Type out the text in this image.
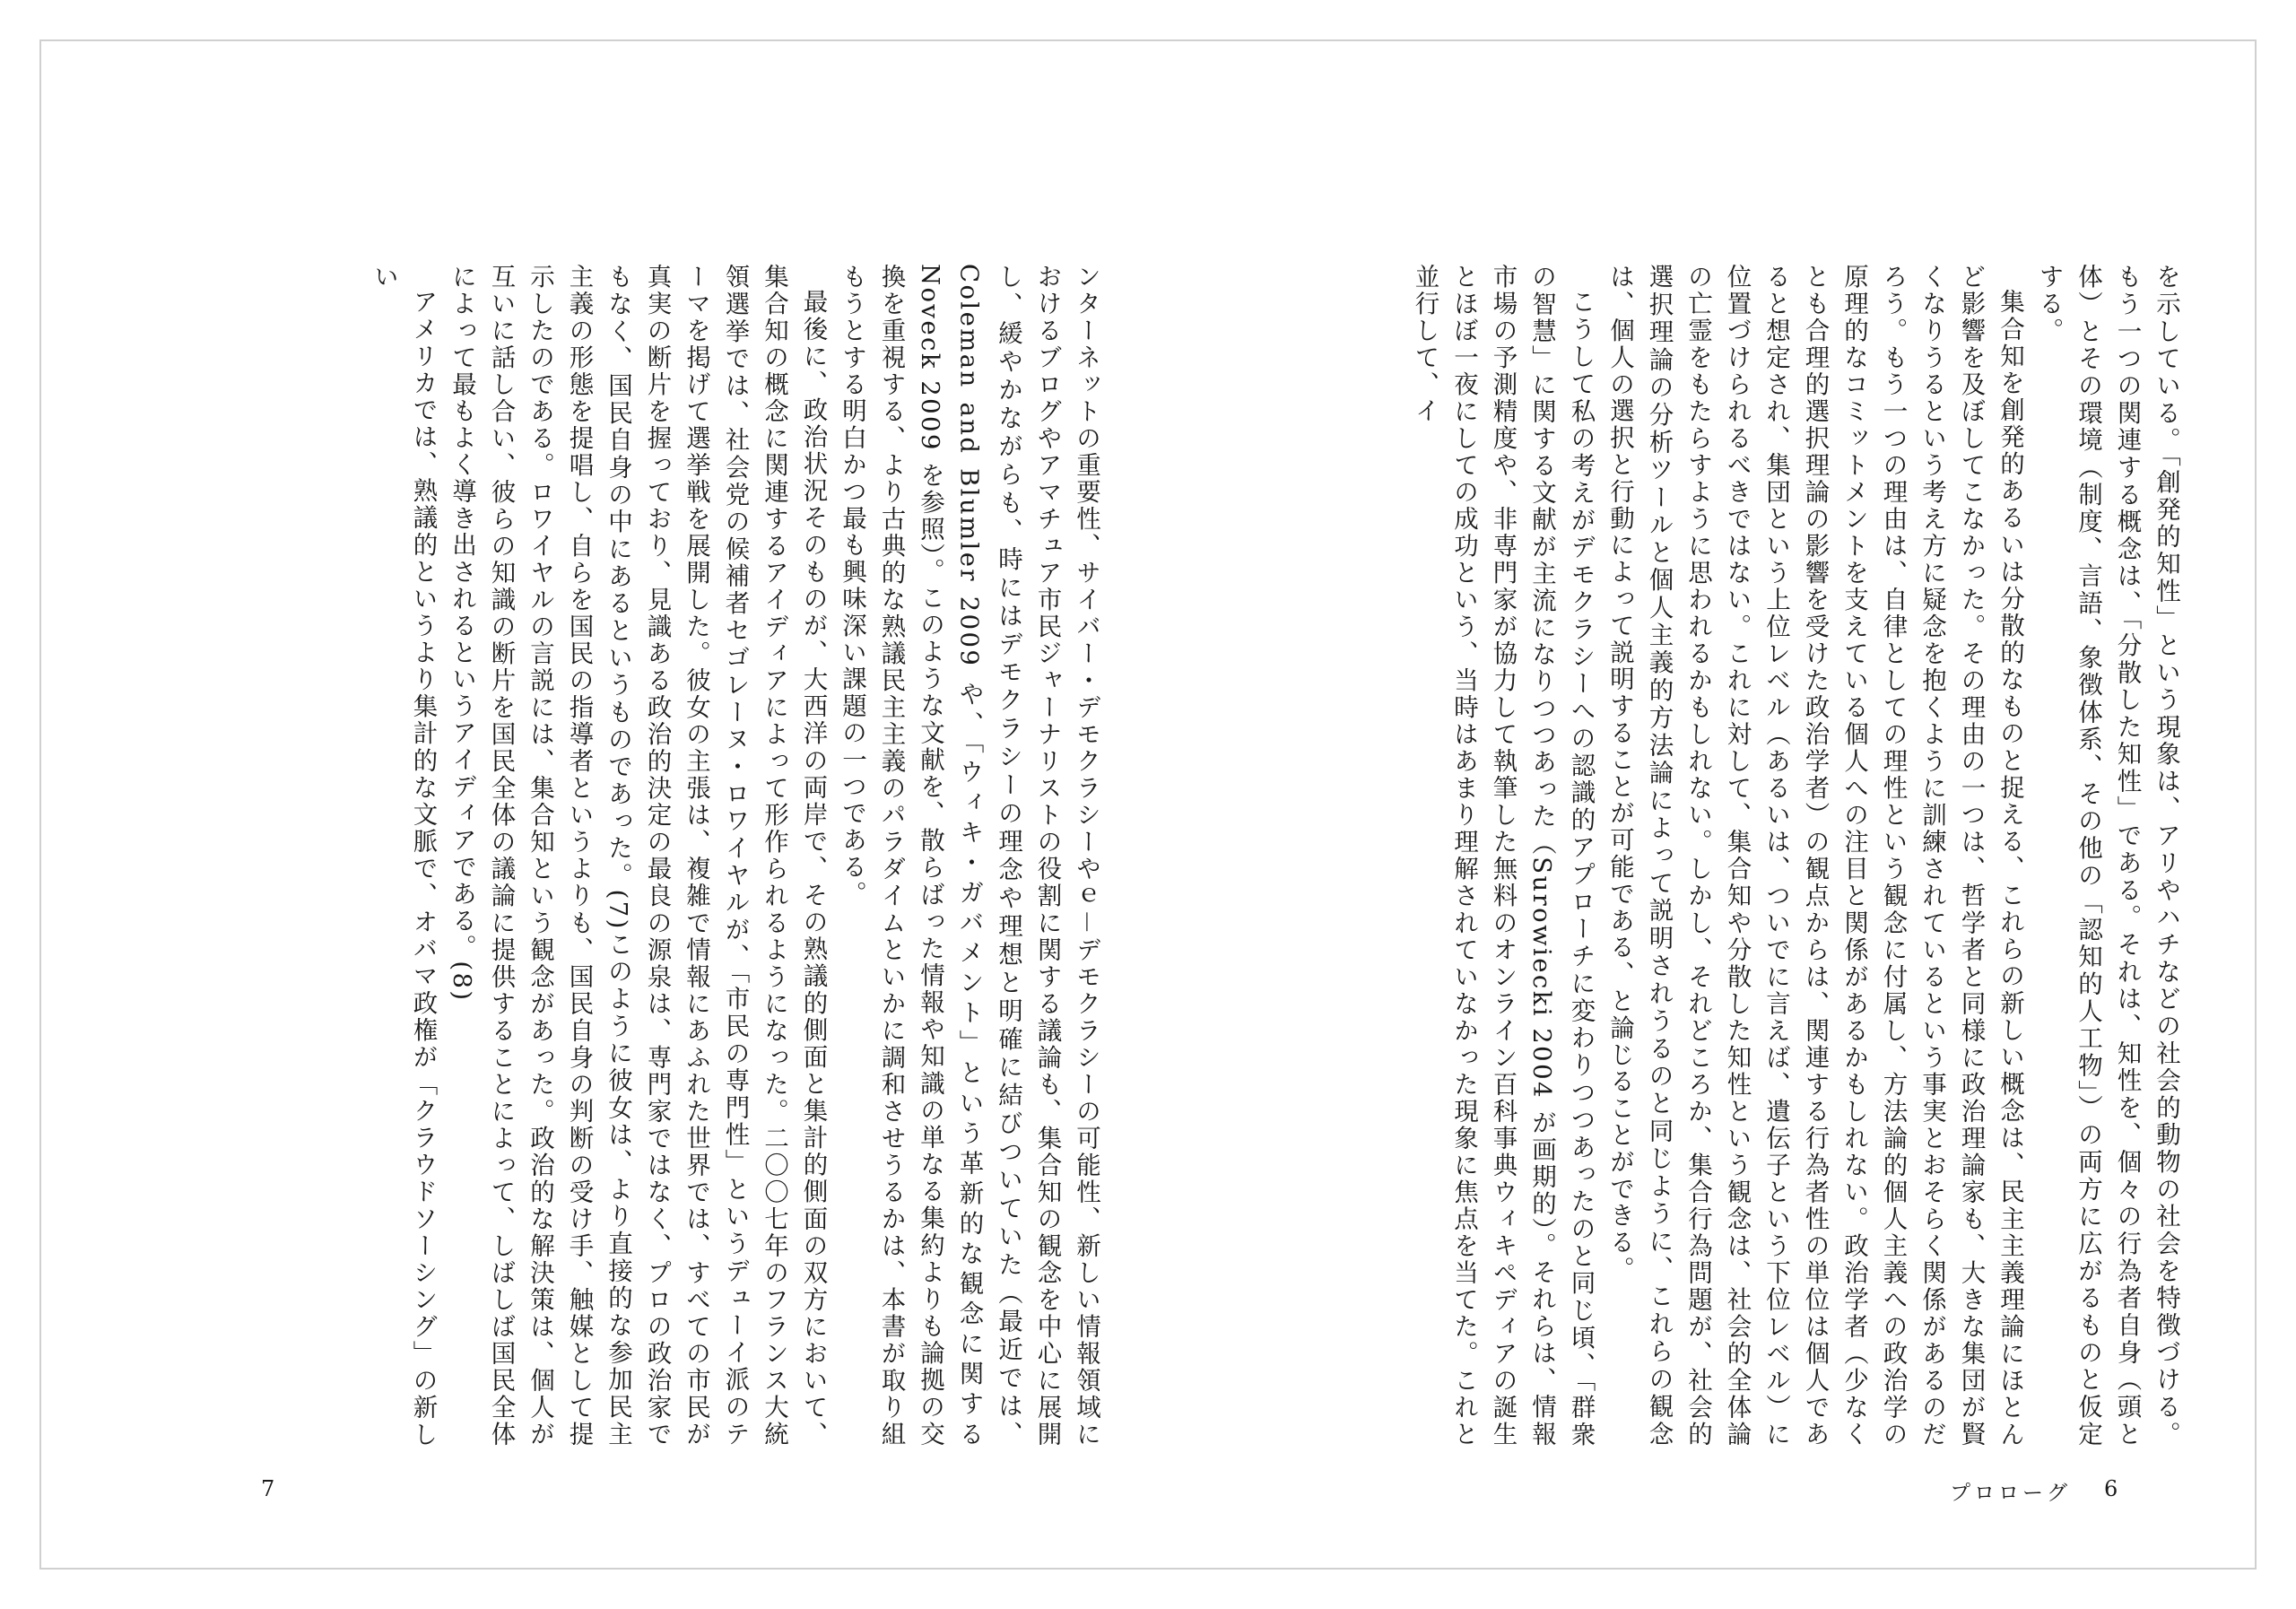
を示している。「創発的知性」という現象は、アリやハチなどの社会的動物の社会を特徴づける。もう一つの関連する概念は、「分散した知性」である。それは、知性を、個々の行為者自身（頭と体）とその環境（制度、言語、象徴体系、その他の「認知的人工物」）の両方に広がるものと仮定する。

集合知を創発的あるいは分散的なものと捉える、これらの新しい概念は、民主主義理論にほとんど影響を及ぼしてこなかった。その理由の一つは、哲学者と同様に政治理論家も、大きな集団が賢くなりうるという考え方に疑念を抱くように訓練されているという事実とおそらく関係があるのだろう。もう一つの理由は、自律としての理性という観念に付属し、方法論的個人主義への政治学の原理的なコミットメントを支えている個人への注目と関係があるかもしれない。政治学者（少なくとも合理的選択理論の影響を受けた政治学者）の観点からは、関連する行為者性の単位は個人であると想定され、集団という上位レベル（あるいは、ついでに言えば、遺伝子という下位レベル）に位置づけられるべきではない。これに対して、集合知や分散した知性という観念は、社会的全体論の亡霊をもたらすように思われるかもしれない。しかし、それどころか、集合行為問題が、社会的選択理論の分析ツールと個人主義的方法論によって説明されうるのと同じように、これらの観念は、個人の選択と行動によって説明することが可能である、と論じることができる。

こうして私の考えがデモクラシーへの認識的アプローチに変わりつつあったのと同じ頃、「群衆の智慧」に関する文献が主流になりつつあった（Surowiecki 2004 が画期的）。それらは、情報市場の予測精度や、非専門家が協力して執筆した無料のオンライン百科事典ウィキペディアの誕生とほぼ一夜にしての成功という、当時はあまり理解されていなかった現象に焦点を当てた。これと並行して、イ

ンターネットの重要性、サイバー・デモクラシーやｅ－デモクラシーの可能性、新しい情報領域におけるブログやアマチュア市民ジャーナリストの役割に関する議論も、集合知の観念を中心に展開し、緩やかながらも、時にはデモクラシーの理念や理想と明確に結びついていた（最近では、Coleman and Blumler 2009 や、「ウィキ・ガバメント」という革新的な観念に関する Noveck 2009 を参照）。このような文献を、散らばった情報や知識の単なる集約よりも論拠の交換を重視する、より古典的な熟議民主主義のパラダイムといかに調和させうるかは、本書が取り組もうとする明白かつ最も興味深い課題の一つである。

最後に、政治状況そのものが、大西洋の両岸で、その熟議的側面と集計的側面の双方において、集合知の概念に関連するアイディアによって形作られるようになった。二〇〇七年のフランス大統領選挙では、社会党の候補者セゴレーヌ・ロワイヤルが、「市民の専門性」というデューイ派のテーマを掲げて選挙戦を展開した。彼女の主張は、複雑で情報にあふれた世界では、すべての市民が真実の断片を握っており、見識ある政治的決定の最良の源泉は、専門家ではなく、プロの政治家でもなく、国民自身の中にあるというものであった。(7)このように彼女は、より直接的な参加民主主義の形態を提唱し、自らを国民の指導者というよりも、国民自身の判断の受け手、触媒として提示したのである。ロワイヤルの言説には、集合知という観念があった。政治的な解決策は、個人が互いに話し合い、彼らの知識の断片を国民全体の議論に提供することによって、しばしば国民全体によって最もよく導き出されるというアイディアである。(8)

アメリカでは、熟議的というより集計的な文脈で、オバマ政権が「クラウドソーシング」の新しい

プロローグ 6
7
